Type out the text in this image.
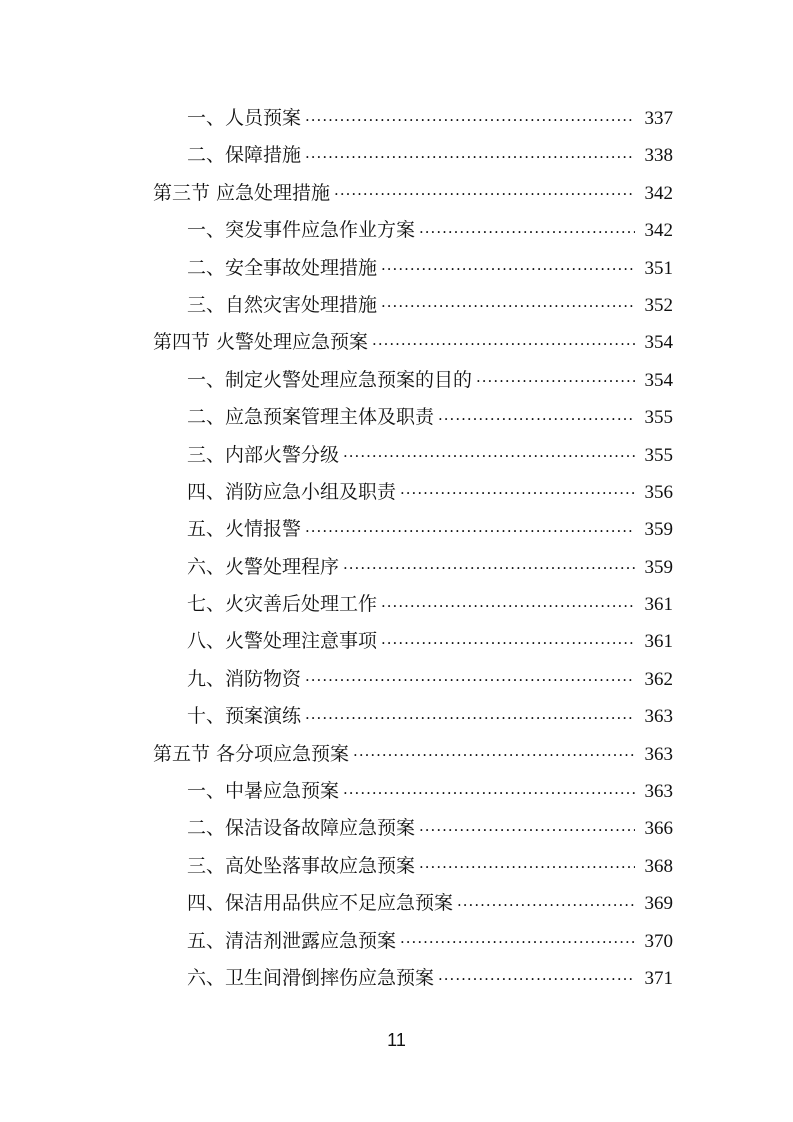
一、人员预案 ·····	337
二、保障措施 ·····	338
第三节 应急处理措施 ·····	342
一、突发事件应急作业方案 ·····	342
二、安全事故处理措施 ·····	351
三、自然灾害处理措施 ·····	352
第四节 火警处理应急预案 ·····	354
一、制定火警处理应急预案的目的 ·····	354
二、应急预案管理主体及职责 ·····	355
三、内部火警分级 ·····	355
四、消防应急小组及职责 ·····	356
五、火情报警 ·····	359
六、火警处理程序 ·····	359
七、火灾善后处理工作 ·····	361
八、火警处理注意事项 ·····	361
九、消防物资 ·····	362
十、预案演练 ·····	363
第五节 各分项应急预案 ·····	363
一、中暑应急预案 ·····	363
二、保洁设备故障应急预案 ·····	366
三、高处坠落事故应急预案 ·····	368
四、保洁用品供应不足应急预案 ·····	369
五、清洁剂泄露应急预案 ·····	370
六、卫生间滑倒摔伤应急预案 ·····	371
11
